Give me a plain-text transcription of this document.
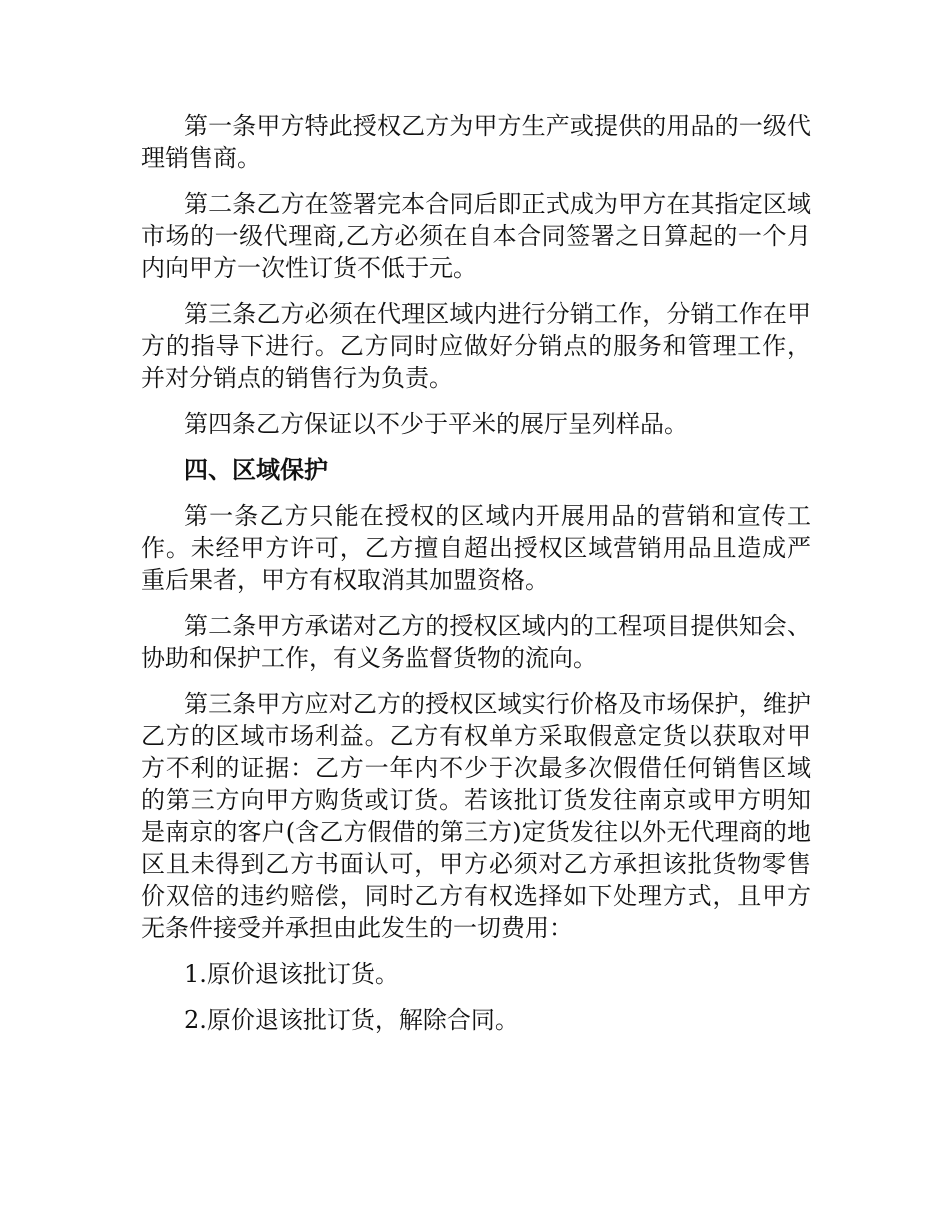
第一条甲方特此授权乙方为甲方生产或提供的用品的一级代理销售商。

第二条乙方在签署完本合同后即正式成为甲方在其指定区域市场的一级代理商,乙方必须在自本合同签署之日算起的一个月内向甲方一次性订货不低于元。

第三条乙方必须在代理区域内进行分销工作，分销工作在甲方的指导下进行。乙方同时应做好分销点的服务和管理工作，并对分销点的销售行为负责。

第四条乙方保证以不少于平米的展厅呈列样品。

四、区域保护

第一条乙方只能在授权的区域内开展用品的营销和宣传工作。未经甲方许可，乙方擅自超出授权区域营销用品且造成严重后果者，甲方有权取消其加盟资格。

第二条甲方承诺对乙方的授权区域内的工程项目提供知会、协助和保护工作，有义务监督货物的流向。

第三条甲方应对乙方的授权区域实行价格及市场保护，维护乙方的区域市场利益。乙方有权单方采取假意定货以获取对甲方不利的证据：乙方一年内不少于次最多次假借任何销售区域的第三方向甲方购货或订货。若该批订货发往南京或甲方明知是南京的客户(含乙方假借的第三方)定货发往以外无代理商的地区且未得到乙方书面认可，甲方必须对乙方承担该批货物零售价双倍的违约赔偿，同时乙方有权选择如下处理方式，且甲方无条件接受并承担由此发生的一切费用：

1.原价退该批订货。

2.原价退该批订货，解除合同。
